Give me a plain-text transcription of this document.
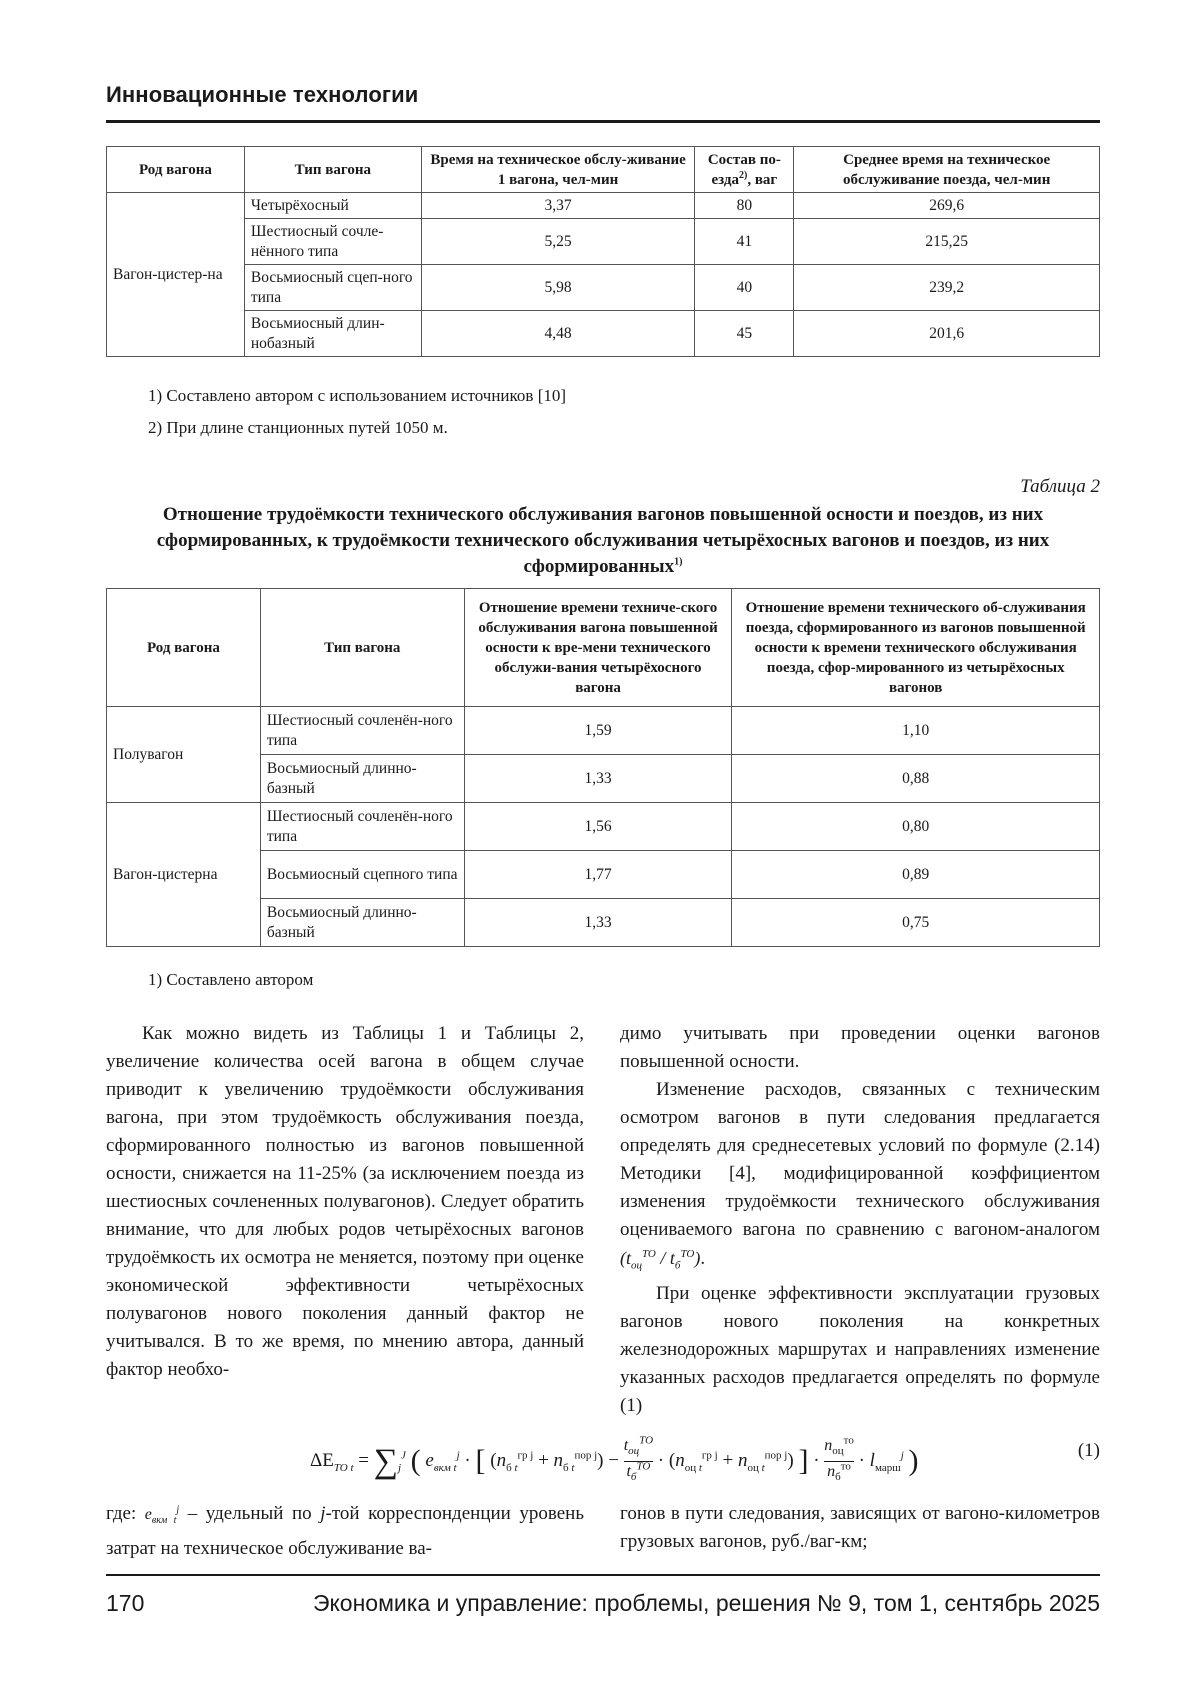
Инновационные технологии
Род вагона	Тип вагона	Время на техническое обслу-живание 1 вагона, чел-мин	Состав по-езда$^{2)}$, ваг	Среднее время на техническое обслуживание поезда, чел-мин
Вагон-цистер-на	Четырёхосный	3,37	80	269,6
	Шестиосный сочле-нённого типа	5,25	41	215,25
	Восьмиосный сцеп-ного типа	5,98	40	239,2
	Восьмиосный длин-нобазный	4,48	45	201,6
1) Составлено автором с использованием источников [10]
2) При длине станционных путей 1050 м.
Таблица 2
Отношение трудоёмкости технического обслуживания вагонов повышенной осности и поездов, из них сформированных, к трудоёмкости технического обслуживания четырёхосных вагонов и поездов, из них сформированных$^{1)}$
Род вагона	Тип вагона	Отношение времени техниче-ского обслуживания вагона повышенной осности к вре-мени технического обслужи-вания четырёхосного вагона	Отношение времени технического об-служивания поезда, сформированного из вагонов повышенной осности к времени технического обслуживания поезда, сфор-мированного из четырёхосных вагонов
Полувагон	Шестиосный сочленён-ного типа	1,59	1,10
	Восьмиосный длинно-базный	1,33	0,88
Вагон-цистерна	Шестиосный сочленён-ного типа	1,56	0,80
	Восьмиосный сцепного типа	1,77	0,89
	Восьмиосный длинно-базный	1,33	0,75
1) Составлено автором

Как можно видеть из Таблицы 1 и Таблицы 2, увеличение количества осей вагона в общем случае приводит к увеличению трудоёмкости обслуживания вагона, при этом трудоёмкость обслуживания поезда, сформированного полностью из вагонов повышенной осности, снижается на 11-25% (за исключением поезда из шестиосных сочлененных полувагонов). Следует обратить внимание, что для любых родов четырёхосных вагонов трудоёмкость их осмотра не меняется, поэтому при оценке экономической эффективности четырёхосных полувагонов нового поколения данный фактор не учитывался. В то же время, по мнению автора, данный фактор необхо-

димо учитывать при проведении оценки вагонов повышенной осности.

Изменение расходов, связанных с техническим осмотром вагонов в пути следования предлагается определять для среднесетевых условий по формуле (2.14) Методики [4], модифицированной коэффициентом изменения трудоёмкости технического обслуживания оцениваемого вагона по сравнению с вагоном-аналогом $(t_{оц}^{TO} / t_б^{TO})$.

При оценке эффективности эксплуатации грузовых вагонов нового поколения на конкретных железнодорожных маршрутах и направлениях изменение указанных расходов предлагается определять по формуле (1)

$\Delta E_{TO t} = \sum_j^J$ ( $e_{вкм t}^j$ · [ $(n_{б t}^{гр j} + n_{б t}^{пор j})$ −
$t_{оц}^{TO}$
$t_б^{TO} \cdot (n_{оц t}^{гр j} + n_{оц t}^{пор j})$ ] ·
$n_{оц}^{то}$
$n_б^{то} \cdot l_{марш}^j$ )	(1)
где: $e_{вкм t}^j$ – удельный по j-той корреспонденции уровень затрат на техническое обслуживание ва-
гонов в пути следования, зависящих от вагоно-километров грузовых вагонов, руб./ваг-км;
170	Экономика и управление: проблемы, решения № 9, том 1, сентябрь 2025
